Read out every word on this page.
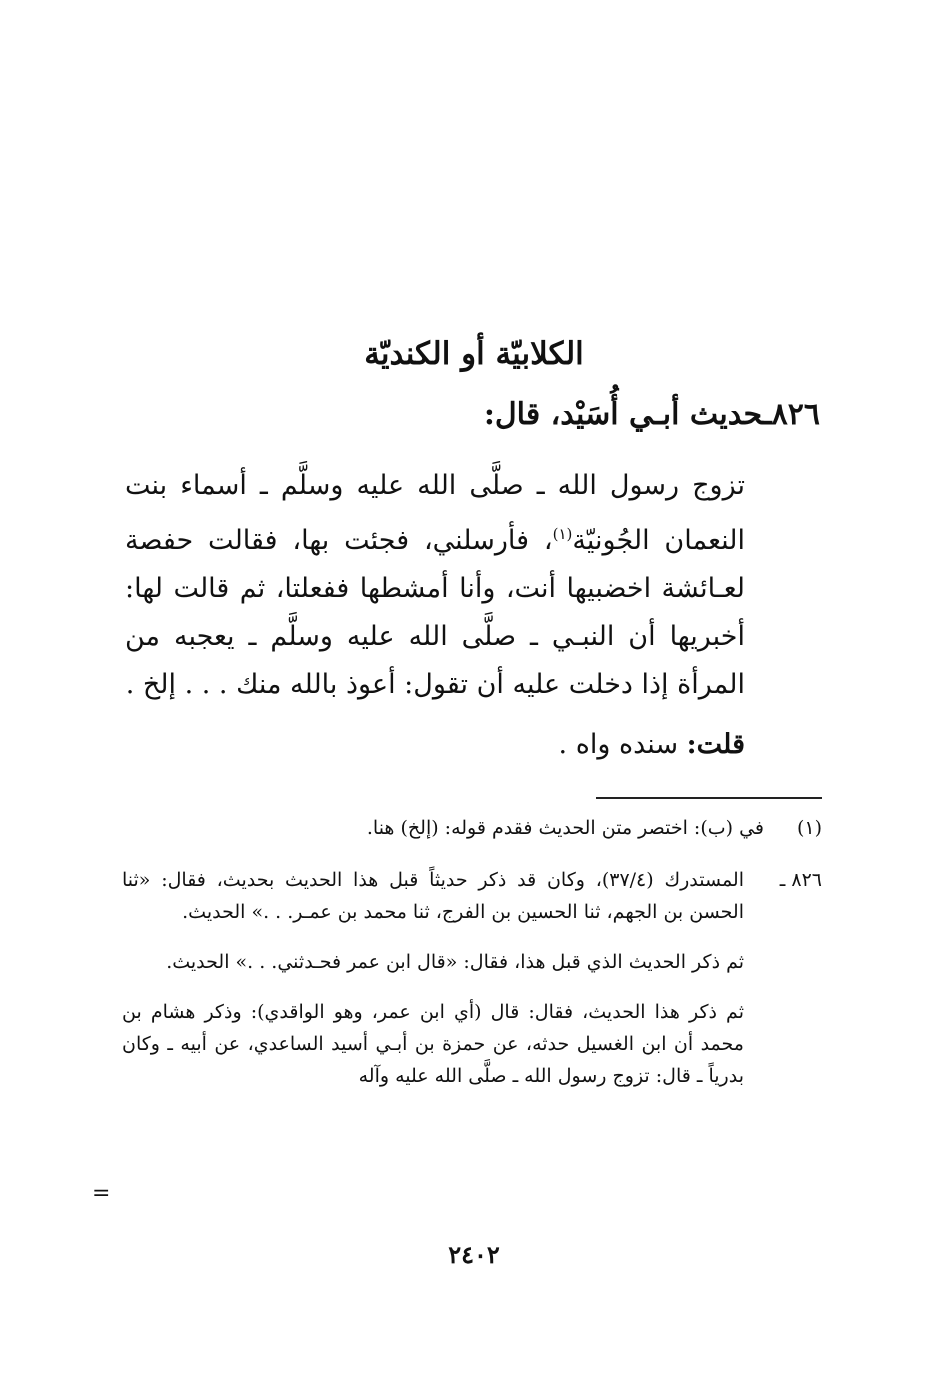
الكلابيّة أو الكنديّة
٨٢٦ـحديث أبـي أُسَيْد، قال:

تزوج رسول الله ـ صلَّى الله عليه وسلَّم ـ أسماء بنت النعمان الجُونيّة$^{(١)}$، فأرسلني، فجئت بها، فقالت حفصة لعـائشة اخضبيها أنت، وأنا أمشطها ففعلتا، ثم قالت لها: أخبريها أن النبـي ـ صلَّى الله عليه وسلَّم ـ يعجبه من المرأة إذا دخلت عليه أن تقول: أعوذ بالله منك . . . إلخ .

قلت: سنده واه .
(١)
في (ب): اختصر متن الحديث فقدم قوله: (إلخ) هنا.
٨٢٦ ـ

المستدرك (٣٧/٤)، وكان قد ذكر حديثاً قبل هذا الحديث بحديث، فقال: «ثنا الحسن بن الجهم، ثنا الحسين بن الفرج، ثنا محمد بن عمـر. . .» الحديث.

ثم ذكر الحديث الذي قبل هذا، فقال: «قال ابن عمر فحـدثني. . .» الحديث.

ثم ذكر هذا الحديث، فقال: قال (أي ابن عمر، وهو الواقدي): وذكر هشام بن محمد أن ابن الغسيل حدثه، عن حمزة بن أبـي أسيد الساعدي، عن أبيه ـ وكان بدرياً ـ قال: تزوج رسول الله ـ صلَّى الله عليه وآله

=
٢٤٠٢
